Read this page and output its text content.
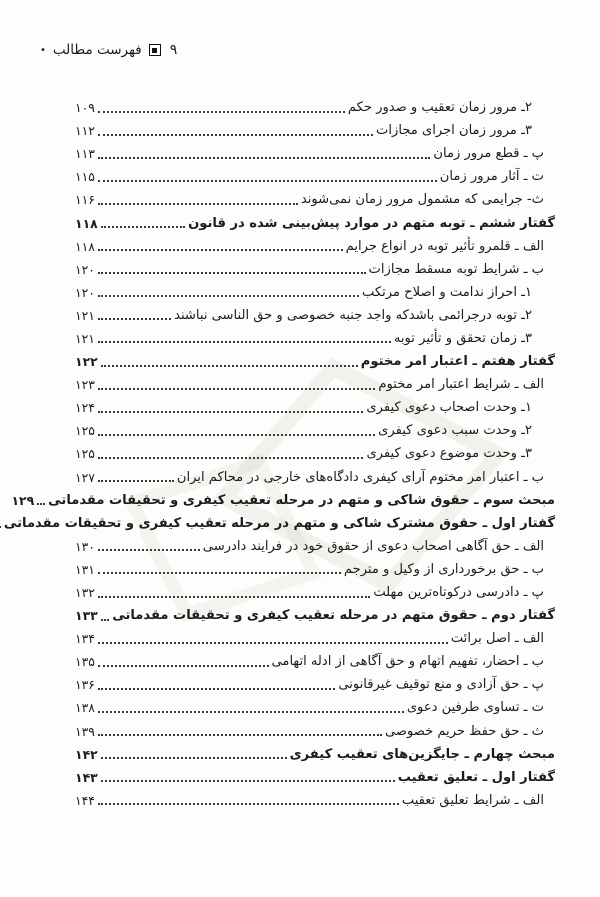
• فهرست مطالب ۹
۲ـ مرور زمان تعقیب و صدور حکم
۱۰۹
۳ـ مرور زمان اجرای مجازات
۱۱۲
پ ـ قطع مرور زمان
۱۱۳
ت ـ آثار مرور زمان
۱۱۵
ث- جرایمی که مشمول مرور زمان نمی‌شوند
۱۱۶
گفتار ششم ـ توبه متهم در موارد پیش‌بینی شده در قانون
۱۱۸
الف ـ قلمرو تأثیر توبه در انواع جرایم
۱۱۸
ب ـ شرایط توبه مسقط مجازات
۱۲۰
۱ـ احراز ندامت و اصلاح مرتکب
۱۲۰
۲ـ توبه درجرائمی باشدکه واجد جنبه خصوصی و حق الناسی نباشند
۱۲۱
۳ـ زمان تحقق و تأثیر توبه
۱۲۱
گفتار هفتم ـ اعتبار امر مختوم
۱۲۲
الف ـ شرایط اعتبار امر مختوم
۱۲۳
۱ـ وحدت اصحاب دعوی کیفری
۱۲۴
۲ـ وحدت سبب دعوی کیفری
۱۲۵
۳ـ وحدت موضوع دعوی کیفری
۱۲۵
ب ـ اعتبار امر مختوم آرای کیفری دادگاه‌های خارجی در محاکم ایران
۱۲۷
مبحث سوم ـ حقوق شاکی و متهم در مرحله تعقیب کیفری و تحقیقات مقدماتی
۱۲۹
گفتار اول ـ حقوق مشترک شاکی و متهم در مرحله تعقیب کیفری و تحقیقات مقدماتی
الف ـ حق آگاهی اصحاب دعوی از حقوق خود در فرایند دادرسی
۱۳۰
ب ـ حق برخورداری از وکیل و مترجم
۱۳۱
پ ـ دادرسی درکوتاه‌ترین مهلت
۱۳۲
گفتار دوم ـ حقوق متهم در مرحله تعقیب کیفری و تحقیقات مقدماتی
۱۳۳
الف ـ اصل برائت
۱۳۴
ب ـ احضار، تفهیم اتهام و حق آگاهی از ادله اتهامی
۱۳۵
پ ـ حق آزادی و منع توقیف غیرقانونی
۱۳۶
ت ـ تساوی طرفین دعوی
۱۳۸
ث ـ حق حفظ حریم خصوصی
۱۳۹
مبحث چهارم ـ جایگزین‌های تعقیب کیفری
۱۴۲
گفتار اول ـ تعلیق تعقیب
۱۴۳
الف ـ شرایط تعلیق تعقیب
۱۴۴
